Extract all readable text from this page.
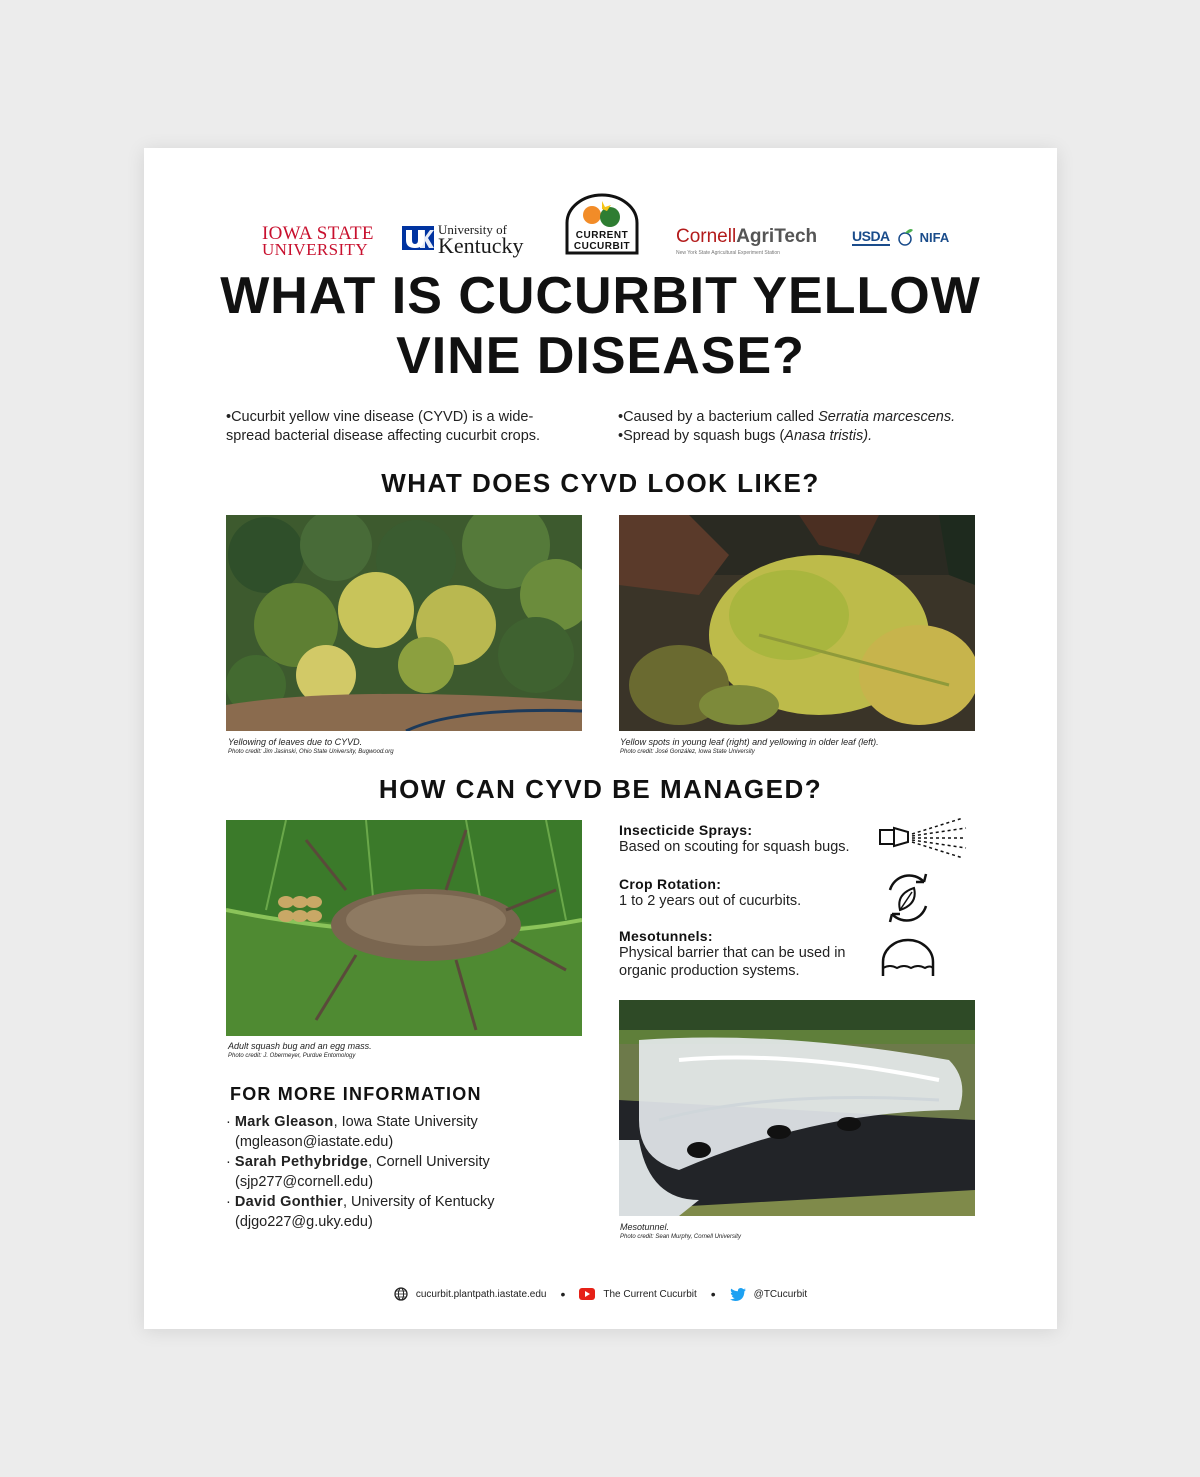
IOWA STATE
UNIVERSITY
University of
Kentucky	CURRENT
CUCURBIT	CornellAgriTech
New York State Agricultural Experiment Station
USDA NIFA
WHAT IS CUCURBIT YELLOW
VINE DISEASE?
•Cucurbit yellow vine disease (CYVD) is a wide-
spread bacterial disease affecting cucurbit crops.
•Caused by a bacterium called Serratia marcescens.
•Spread by squash bugs (Anasa tristis).
WHAT DOES CYVD LOOK LIKE?
Yellowing of leaves due to CYVD.
Photo credit: Jim Jasinski, Ohio State University, Bugwood.org
Yellow spots in young leaf (right) and yellowing in older leaf (left).
Photo credit: José González, Iowa State University
HOW CAN CYVD BE MANAGED?
Adult squash bug and an egg mass.
Photo credit: J. Obermeyer, Purdue Entomology
Insecticide Sprays:
Based on scouting for squash bugs.
Crop Rotation:
1 to 2 years out of cucurbits.
Mesotunnels:
Physical barrier that can be used in
organic production systems.
Mesotunnel.
Photo credit: Sean Murphy, Cornell University
FOR MORE INFORMATION
· Mark Gleason, Iowa State University
(mgleason@iastate.edu)
· Sarah Pethybridge, Cornell University
(sjp277@cornell.edu)
· David Gonthier, University of Kentucky
(djgo227@g.uky.edu)
cucurbit.plantpath.iastate.edu •	The Current Cucurbit •	@TCucurbit
